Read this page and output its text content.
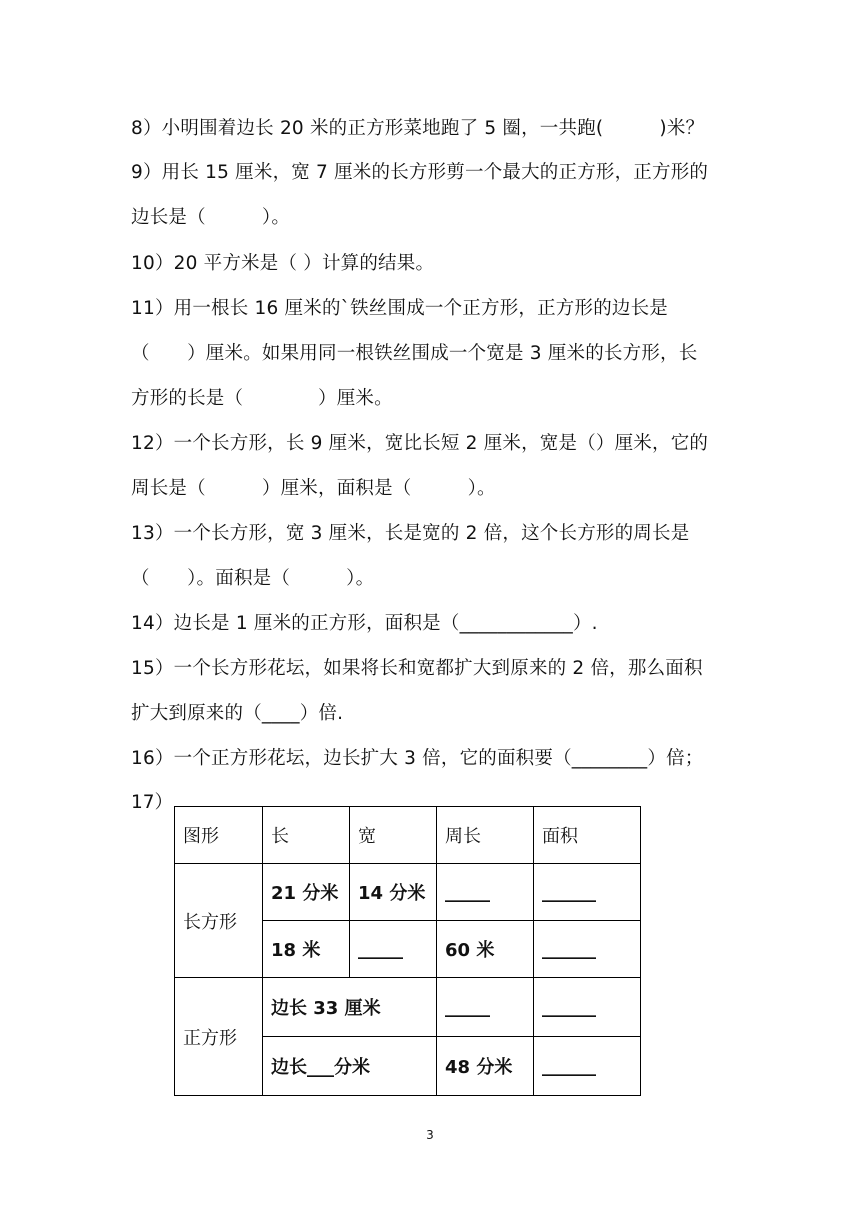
8）小明围着边长 20 米的正方形菜地跑了 5 圈，一共跑(　　　)米？
9）用长 15 厘米，宽 7 厘米的长方形剪一个最大的正方形，正方形的
边长是（　　　）。
10）20 平方米是（ ）计算的结果。
11）用一根长 16 厘米的`铁丝围成一个正方形，正方形的边长是
（　　）厘米。如果用同一根铁丝围成一个宽是 3 厘米的长方形，长
方形的长是（　　　　）厘米。
12）一个长方形，长 9 厘米，宽比长短 2 厘米，宽是（）厘米，它的
周长是（　　　）厘米，面积是（　　　）。
13）一个长方形，宽 3 厘米，长是宽的 2 倍，这个长方形的周长是
（　　）。面积是（　　　）。
14）边长是 1 厘米的正方形，面积是（____________）.
15）一个长方形花坛，如果将长和宽都扩大到原来的 2 倍，那么面积
扩大到原来的（____）倍.
16）一个正方形花坛，边长扩大 3 倍，它的面积要（________）倍；
17）
图形	长	宽	周长	面积
长方形	21 分米	14 分米	_____	______
	18 米	_____	60 米	______
正方形	边长 33 厘米		_____	______
	边长___分米		48 分米	______
3
